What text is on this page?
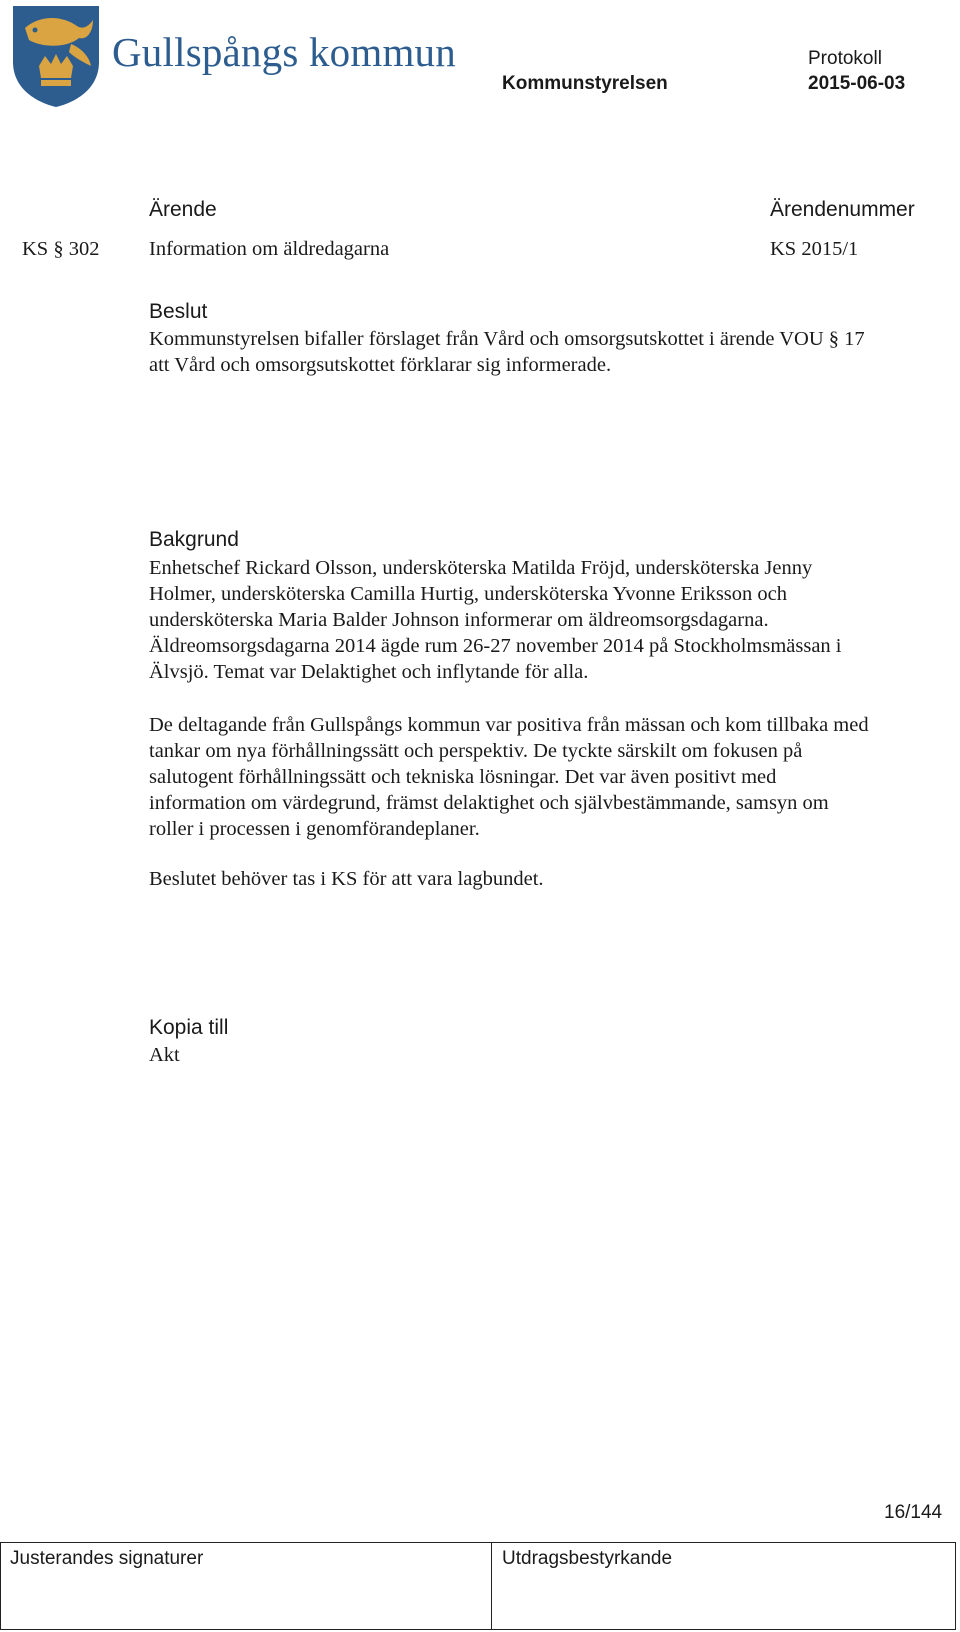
Gullspångs kommun	Protokoll
Kommunstyrelsen	2015-06-03
Ärende	Ärendenummer
KS § 302 Information om äldredagarna	KS 2015/1
Beslut
Kommunstyrelsen bifaller förslaget från Vård och omsorgsutskottet i ärende VOU § 17
att Vård och omsorgsutskottet förklarar sig informerade.
Bakgrund
Enhetschef Rickard Olsson, undersköterska Matilda Fröjd, undersköterska Jenny
Holmer, undersköterska Camilla Hurtig, undersköterska Yvonne Eriksson och
undersköterska Maria Balder Johnson informerar om äldreomsorgsdagarna.
Äldreomsorgsdagarna 2014 ägde rum 26-27 november 2014 på Stockholmsmässan i
Älvsjö. Temat var Delaktighet och inflytande för alla.
De deltagande från Gullspångs kommun var positiva från mässan och kom tillbaka med
tankar om nya förhållningssätt och perspektiv. De tyckte särskilt om fokusen på
salutogent förhållningssätt och tekniska lösningar. Det var även positivt med
information om värdegrund, främst delaktighet och självbestämmande, samsyn om
roller i processen i genomförandeplaner.
Beslutet behöver tas i KS för att vara lagbundet.
Kopia till
Akt
16/144
Justerandes signaturer	Utdragsbestyrkande
